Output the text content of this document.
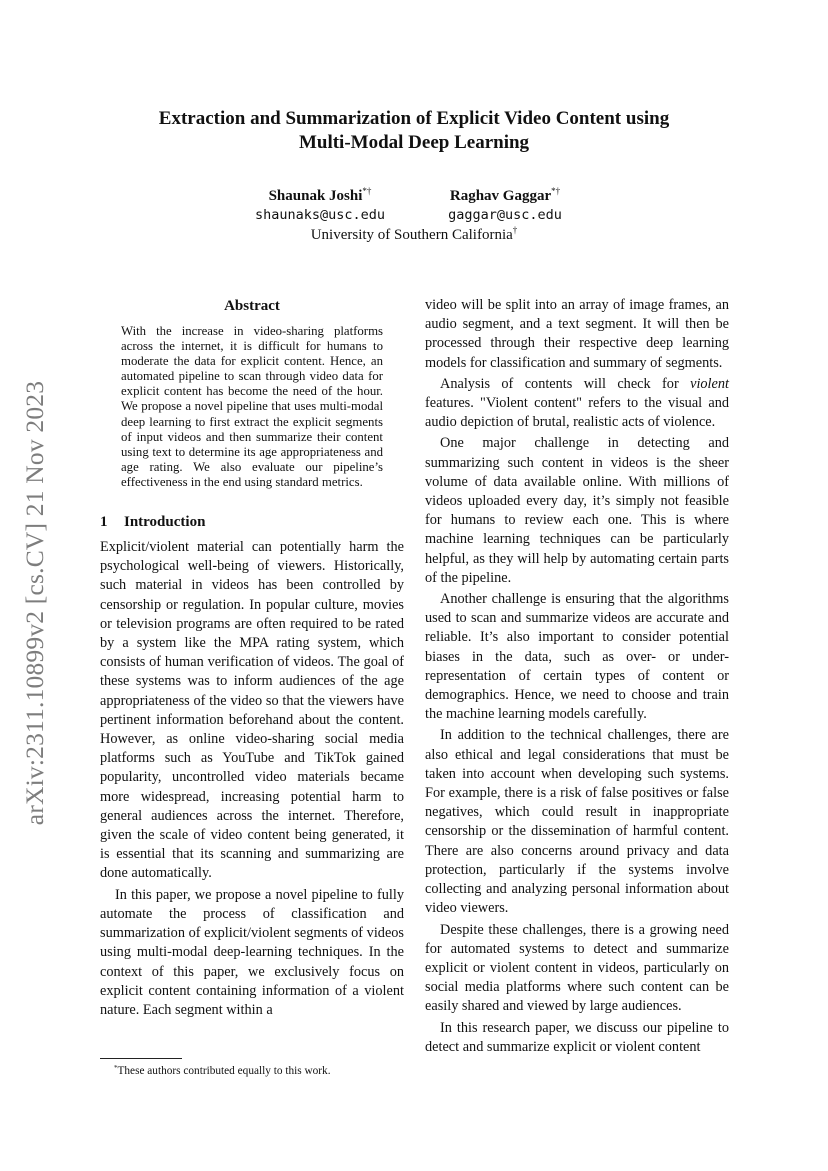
arXiv:2311.10899v2 [cs.CV] 21 Nov 2023
Extraction and Summarization of Explicit Video Content using
Multi-Modal Deep Learning
Shaunak Joshi*†
shaunaks@usc.edu
Raghav Gaggar*†
gaggar@usc.edu
University of Southern California†
Abstract
With the increase in video-sharing platforms across the internet, it is difficult for humans to moderate the data for explicit content. Hence, an automated pipeline to scan through video data for explicit content has become the need of the hour. We propose a novel pipeline that uses multi-modal deep learning to first extract the explicit segments of input videos and then summarize their content using text to determine its age appropriateness and age rating. We also evaluate our pipeline’s effectiveness in the end using standard metrics.
1 Introduction

Explicit/violent material can potentially harm the psychological well-being of viewers. Historically, such material in videos has been controlled by censorship or regulation. In popular culture, movies or television programs are often required to be rated by a system like the MPA rating system, which consists of human verification of videos. The goal of these systems was to inform audiences of the age appropriateness of the video so that the viewers have pertinent information beforehand about the content. However, as online video-sharing social media platforms such as YouTube and TikTok gained popularity, uncontrolled video materials became more widespread, increasing potential harm to general audiences across the internet. Therefore, given the scale of video content being generated, it is essential that its scanning and summarizing are done automatically.

In this paper, we propose a novel pipeline to fully automate the process of classification and summarization of explicit/violent segments of videos using multi-modal deep-learning techniques. In the context of this paper, we exclusively focus on explicit content containing information of a violent nature. Each segment within a

video will be split into an array of image frames, an audio segment, and a text segment. It will then be processed through their respective deep learning models for classification and summary of segments.

Analysis of contents will check for violent features. "Violent content" refers to the visual and audio depiction of brutal, realistic acts of violence.

One major challenge in detecting and summarizing such content in videos is the sheer volume of data available online. With millions of videos uploaded every day, it’s simply not feasible for humans to review each one. This is where machine learning techniques can be particularly helpful, as they will help by automating certain parts of the pipeline.

Another challenge is ensuring that the algorithms used to scan and summarize videos are accurate and reliable. It’s also important to consider potential biases in the data, such as over- or under-representation of certain types of content or demographics. Hence, we need to choose and train the machine learning models carefully.

In addition to the technical challenges, there are also ethical and legal considerations that must be taken into account when developing such systems. For example, there is a risk of false positives or false negatives, which could result in inappropriate censorship or the dissemination of harmful content. There are also concerns around privacy and data protection, particularly if the systems involve collecting and analyzing personal information about video viewers.

Despite these challenges, there is a growing need for automated systems to detect and summarize explicit or violent content in videos, particularly on social media platforms where such content can be easily shared and viewed by large audiences.

In this research paper, we discuss our pipeline to detect and summarize explicit or violent content

*These authors contributed equally to this work.
